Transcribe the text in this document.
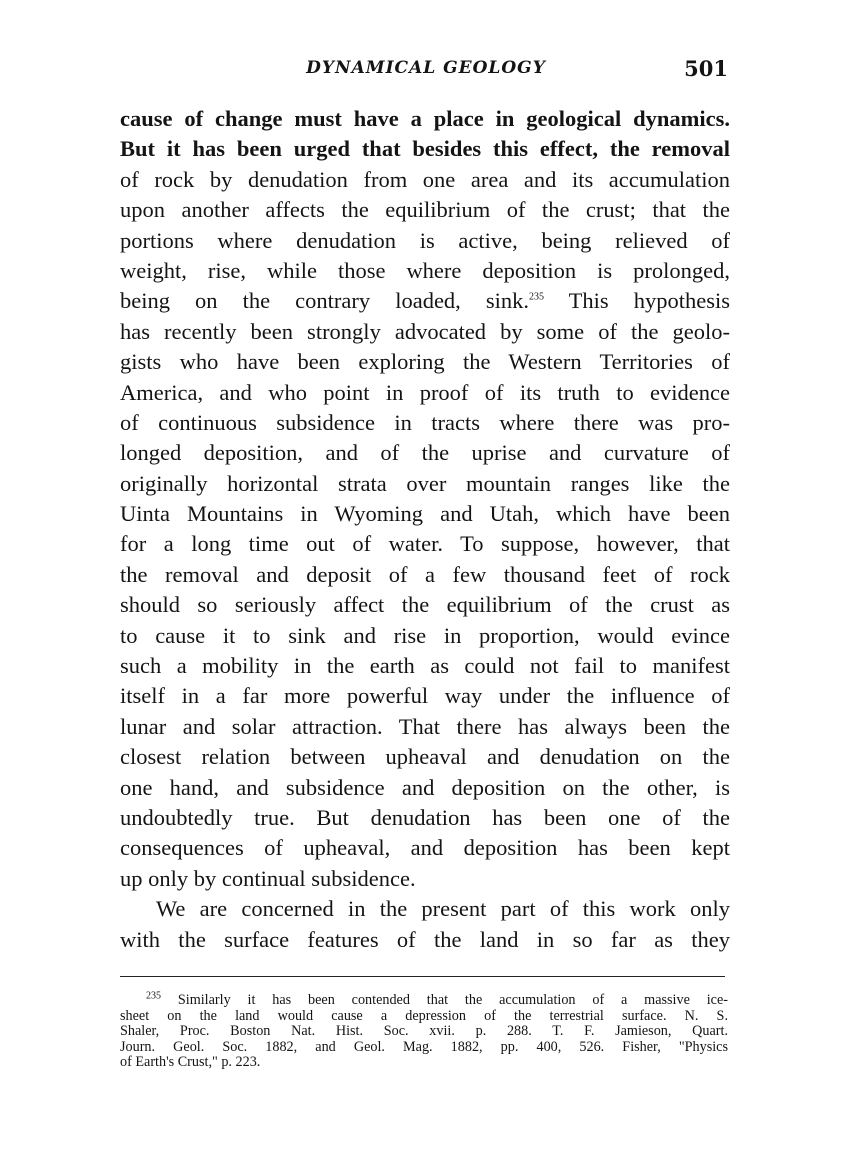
DYNAMICAL GEOLOGY	501
cause of change must have a place in geological dynamics.
But it has been urged that besides this effect, the removal
of rock by denudation from one area and its accumulation
upon another affects the equilibrium of the crust; that the
portions where denudation is active, being relieved of
weight, rise, while those where deposition is prolonged,
being on the contrary loaded, sink.$^{235}$ This hypothesis
has recently been strongly advocated by some of the geolo-
gists who have been exploring the Western Territories of
America, and who point in proof of its truth to evidence
of continuous subsidence in tracts where there was pro-
longed deposition, and of the uprise and curvature of
originally horizontal strata over mountain ranges like the
Uinta Mountains in Wyoming and Utah, which have been
for a long time out of water. To suppose, however, that
the removal and deposit of a few thousand feet of rock
should so seriously affect the equilibrium of the crust as
to cause it to sink and rise in proportion, would evince
such a mobility in the earth as could not fail to manifest
itself in a far more powerful way under the influence of
lunar and solar attraction. That there has always been the
closest relation between upheaval and denudation on the
one hand, and subsidence and deposition on the other, is
undoubtedly true. But denudation has been one of the
consequences of upheaval, and deposition has been kept
up only by continual subsidence.
We are concerned in the present part of this work only
with the surface features of the land in so far as they
$^{235}$ Similarly it has been contended that the accumulation of a massive ice-
sheet on the land would cause a depression of the terrestrial surface. N. S.
Shaler, Proc. Boston Nat. Hist. Soc. xvii. p. 288. T. F. Jamieson, Quart.
Journ. Geol. Soc. 1882, and Geol. Mag. 1882, pp. 400, 526. Fisher, "Physics
of Earth's Crust," p. 223.
